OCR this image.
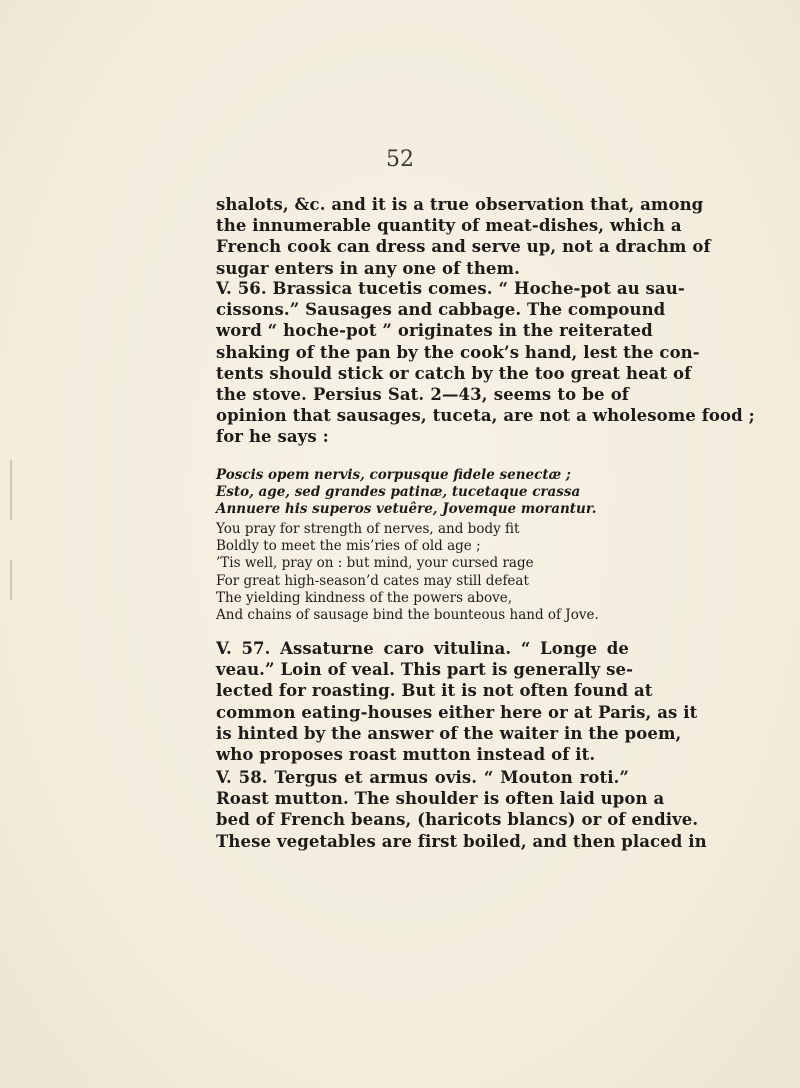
52
shalots, &c. and it is a true observation that, among
the innumerable quantity of meat-dishes, which a
French cook can dress and serve up, not a drachm of
sugar enters in any one of them.
V. 56. Brassica tucetis comes. “ Hoche-pot au sau-
cissons.” Sausages and cabbage. The compound
word “ hoche-pot ” originates in the reiterated
shaking of the pan by the cook’s hand, lest the con-
tents should stick or catch by the too great heat of
the stove. Persius Sat. 2—43, seems to be of
opinion that sausages, tuceta, are not a wholesome food ;
for he says :
Poscis opem nervis, corpusque fidele senectæ ;
Esto, age, sed grandes patinæ, tucetaque crassa
Annuere his superos vetuêre, Jovemque morantur.
You pray for strength of nerves, and body fit
Boldly to meet the mis’ries of old age ;
’Tis well, pray on : but mind, your cursed rage
For great high-season’d cates may still defeat
The yielding kindness of the powers above,
And chains of sausage bind the bounteous hand of Jove.
V. 57. Assaturne caro vitulina. “ Longe de
veau.” Loin of veal. This part is generally se-
lected for roasting. But it is not often found at
common eating-houses either here or at Paris, as it
is hinted by the answer of the waiter in the poem,
who proposes roast mutton instead of it.
V. 58. Tergus et armus ovis. “ Mouton roti.”
Roast mutton. The shoulder is often laid upon a
bed of French beans, (haricots blancs) or of endive.
These vegetables are first boiled, and then placed in
